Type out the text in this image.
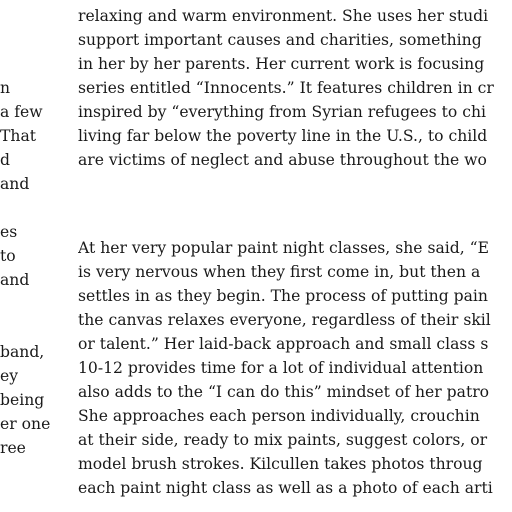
n
a few
That
d
and
es
to
and
band,
ey
being
er one
ree
relaxing and warm environment. She uses her studi
support important causes and charities, something
in her by her parents. Her current work is focusing
series entitled “Innocents.” It features children in cr
inspired by “everything from Syrian refugees to chi
living far below the poverty line in the U.S., to child
are victims of neglect and abuse throughout the wo
At her very popular paint night classes, she said, “E
is very nervous when they first come in, but then a
settles in as they begin. The process of putting pain
the canvas relaxes everyone, regardless of their skil
or talent.” Her laid-back approach and small class s
10-12 provides time for a lot of individual attention
also adds to the “I can do this” mindset of her patro
She approaches each person individually, crouchin
at their side, ready to mix paints, suggest colors, or
model brush strokes. Kilcullen takes photos throug
each paint night class as well as a photo of each arti
